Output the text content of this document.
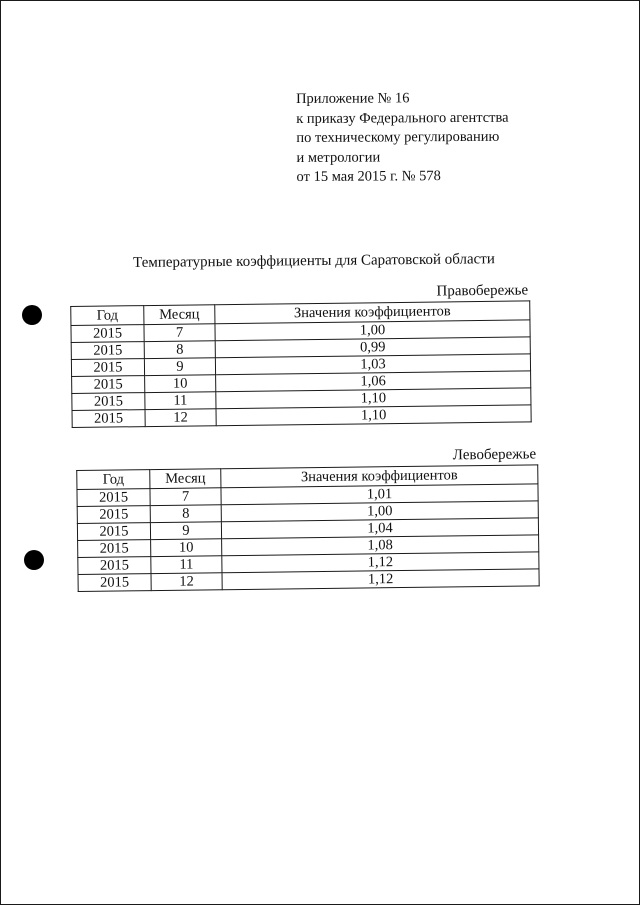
Приложение № 16
к приказу Федерального агентства
по техническому регулированию
и метрологии
от 15 мая 2015 г. № 578
Температурные коэффициенты для Саратовской области
Правобережье
Год	Месяц	Значения коэффициентов
2015	7	1,00
2015	8	0,99
2015	9	1,03
2015	10	1,06
2015	11	1,10
2015	12	1,10
Левобережье
Год	Месяц	Значения коэффициентов
2015	7	1,01
2015	8	1,00
2015	9	1,04
2015	10	1,08
2015	11	1,12
2015	12	1,12
